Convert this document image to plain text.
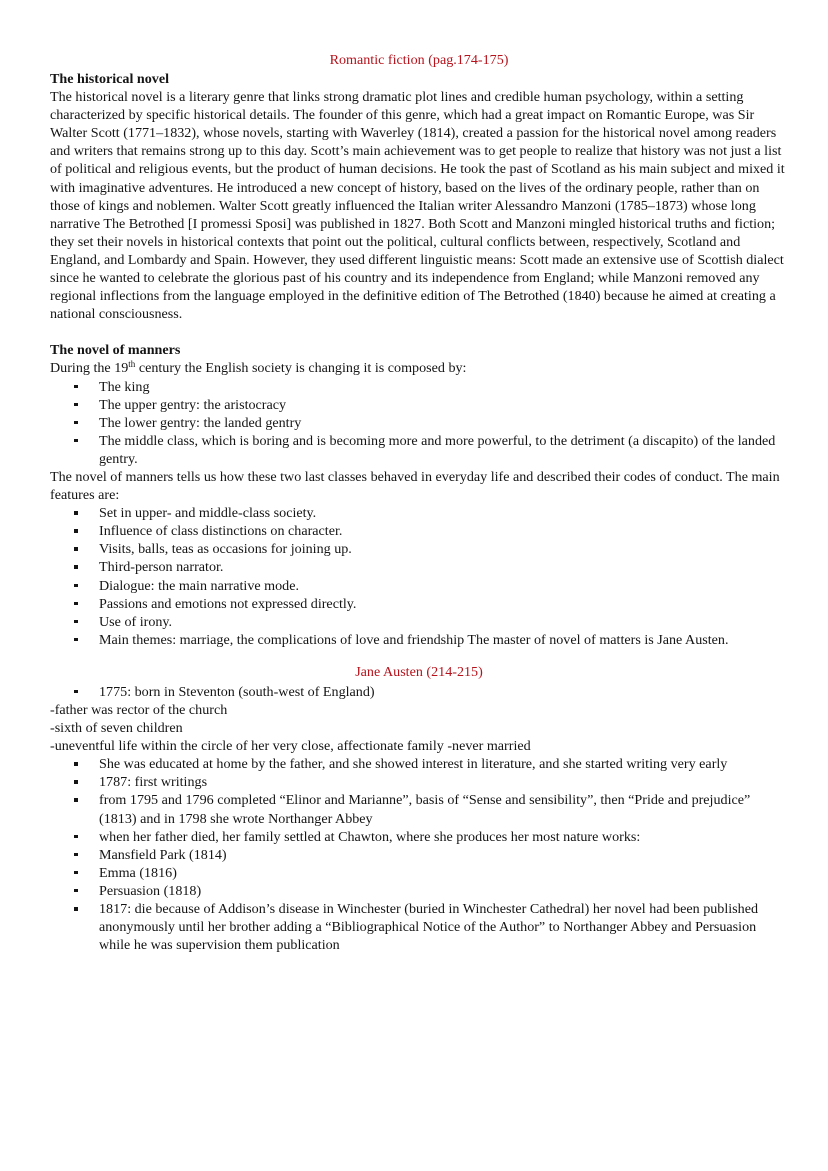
Romantic fiction (pag.174-175)

The historical novel

The historical novel is a literary genre that links strong dramatic plot lines and credible human psychology, within a setting characterized by specific historical details. The founder of this genre, which had a great impact on Romantic Europe, was Sir Walter Scott (1771–1832), whose novels, starting with Waverley (1814), created a passion for the historical novel among readers and writers that remains strong up to this day. Scott’s main achievement was to get people to realize that history was not just a list of political and religious events, but the product of human decisions. He took the past of Scotland as his main subject and mixed it with imaginative adventures. He introduced a new concept of history, based on the lives of the ordinary people, rather than on those of kings and noblemen. Walter Scott greatly influenced the Italian writer Alessandro Manzoni (1785–1873) whose long narrative The Betrothed [I promessi Sposi] was published in 1827. Both Scott and Manzoni mingled historical truths and fiction; they set their novels in historical contexts that point out the political, cultural conflicts between, respectively, Scotland and England, and Lombardy and Spain. However, they used different linguistic means: Scott made an extensive use of Scottish dialect since he wanted to celebrate the glorious past of his country and its independence from England; while Manzoni removed any regional inflections from the language employed in the definitive edition of The Betrothed (1840) because he aimed at creating a national consciousness.

The novel of manners

During the 19th century the English society is changing it is composed by:

The king
The upper gentry: the aristocracy
The lower gentry: the landed gentry
The middle class, which is boring and is becoming more and more powerful, to the detriment (a discapito) of the landed gentry.

The novel of manners tells us how these two last classes behaved in everyday life and described their codes of conduct. The main features are:

Set in upper- and middle-class society.
Influence of class distinctions on character.
Visits, balls, teas as occasions for joining up.
Third-person narrator.
Dialogue: the main narrative mode.
Passions and emotions not expressed directly.
Use of irony.
Main themes: marriage, the complications of love and friendship The master of novel of matters is Jane Austen.

Jane Austen (214-215)

1775: born in Steventon (south-west of England)

-father was rector of the church

-sixth of seven children

-uneventful life within the circle of her very close, affectionate family -never married

She was educated at home by the father, and she showed interest in literature, and she started writing very early
1787: first writings
from 1795 and 1796 completed “Elinor and Marianne”, basis of “Sense and sensibility”, then “Pride and prejudice” (1813) and in 1798 she wrote Northanger Abbey
when her father died, her family settled at Chawton, where she produces her most nature works:
Mansfield Park (1814)
Emma (1816)
Persuasion (1818)
1817: die because of Addison’s disease in Winchester (buried in Winchester Cathedral) her novel had been published anonymously until her brother adding a “Bibliographical Notice of the Author” to Northanger Abbey and Persuasion while he was supervision them publication
